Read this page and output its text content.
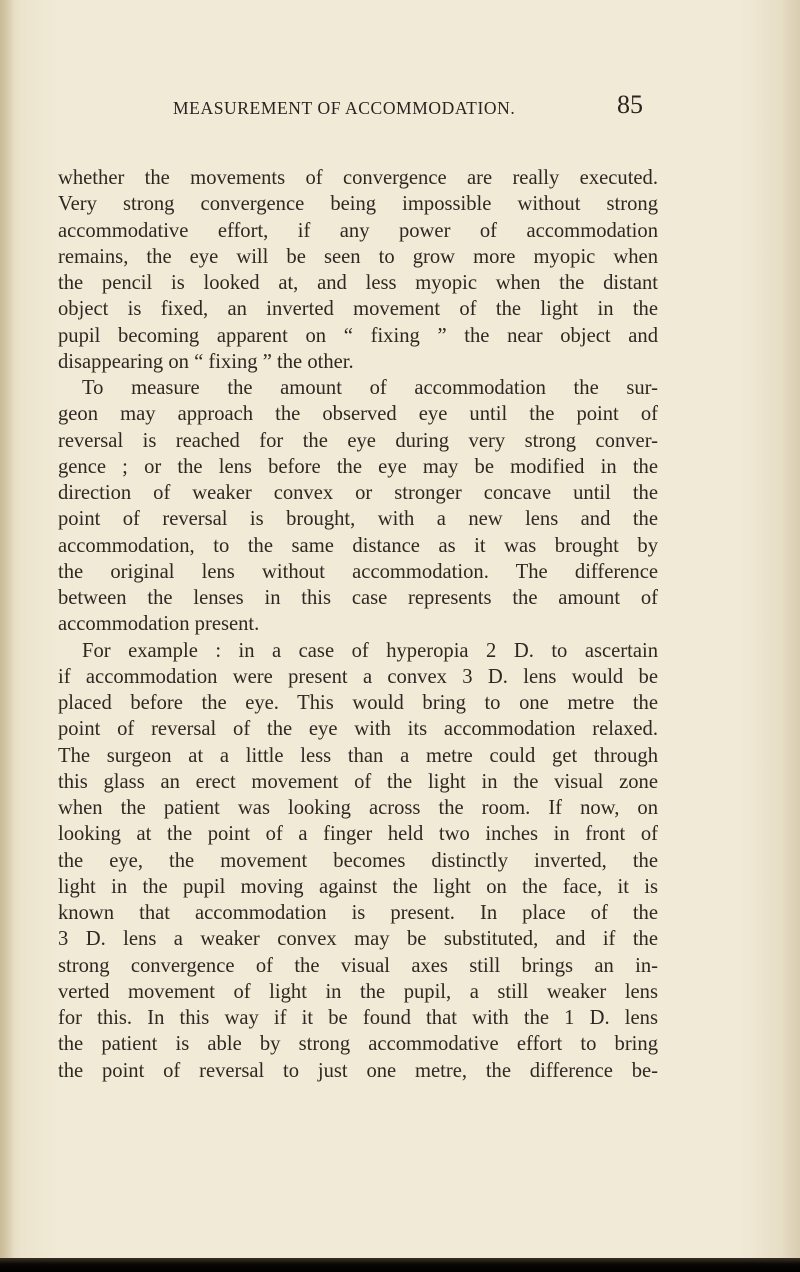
MEASUREMENT OF ACCOMMODATION.	85

whether the movements of convergence are really executed.

Very strong convergence being impossible without strong

accommodative effort, if any power of accommodation

remains, the eye will be seen to grow more myopic when

the pencil is looked at, and less myopic when the distant

object is fixed, an inverted movement of the light in the

pupil becoming apparent on “ fixing ” the near object and

disappearing on “ fixing ” the other.

To measure the amount of accommodation the sur-

geon may approach the observed eye until the point of

reversal is reached for the eye during very strong conver-

gence ; or the lens before the eye may be modified in the

direction of weaker convex or stronger concave until the

point of reversal is brought, with a new lens and the

accommodation, to the same distance as it was brought by

the original lens without accommodation. The difference

between the lenses in this case represents the amount of

accommodation present.

For example : in a case of hyperopia 2 D. to ascertain

if accommodation were present a convex 3 D. lens would be

placed before the eye. This would bring to one metre the

point of reversal of the eye with its accommodation relaxed.

The surgeon at a little less than a metre could get through

this glass an erect movement of the light in the visual zone

when the patient was looking across the room. If now, on

looking at the point of a finger held two inches in front of

the eye, the movement becomes distinctly inverted, the

light in the pupil moving against the light on the face, it is

known that accommodation is present. In place of the

3 D. lens a weaker convex may be substituted, and if the

strong convergence of the visual axes still brings an in-

verted movement of light in the pupil, a still weaker lens

for this. In this way if it be found that with the 1 D. lens

the patient is able by strong accommodative effort to bring

the point of reversal to just one metre, the difference be-
